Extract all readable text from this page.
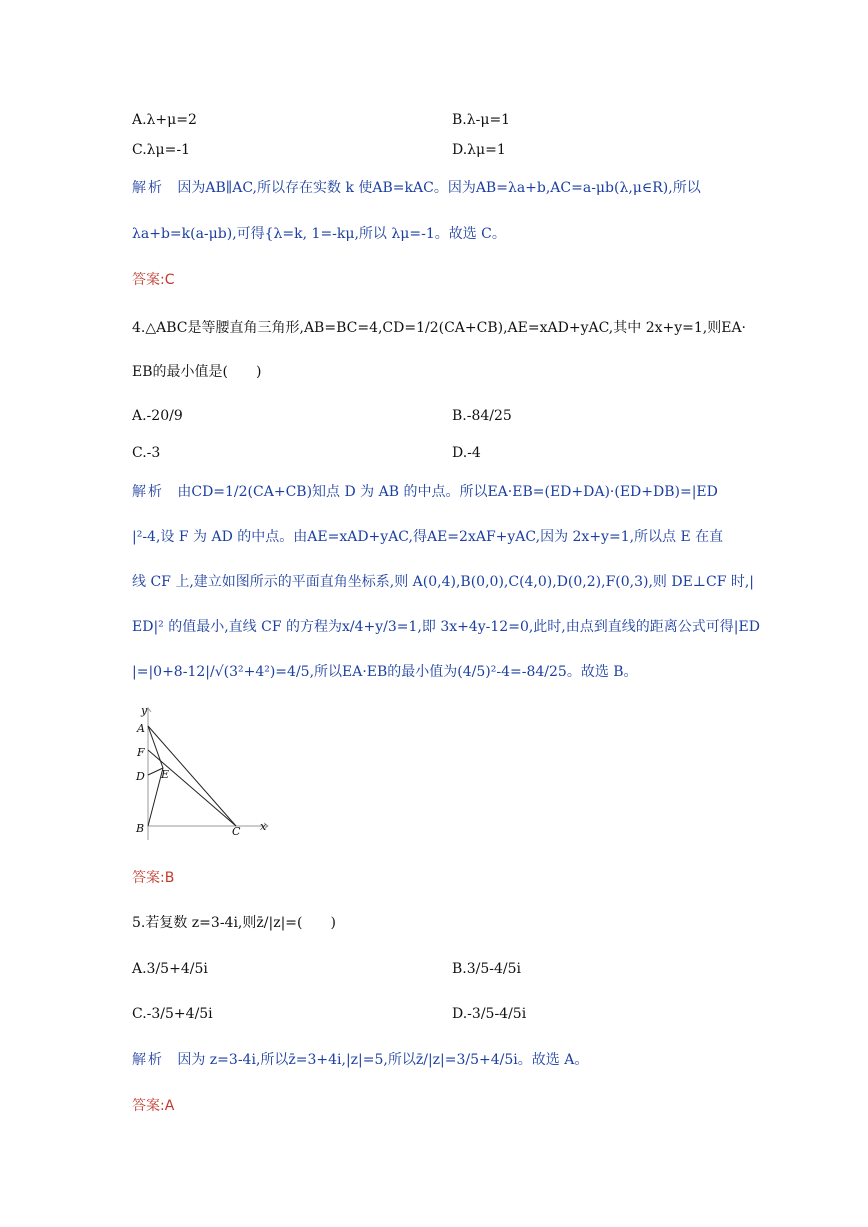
A.λ+μ=2	B.λ-μ=1
C.λμ=-1	D.λμ=1
解析 因为AB∥AC,所以存在实数 k 使AB=kAC。因为AB=λa+b,AC=a-μb(λ,μ∈R),所以
λa+b=k(a-μb),可得{λ=k, 1=-kμ,所以 λμ=-1。故选 C。
答案:C
4.△ABC是等腰直角三角形,AB=BC=4,CD=1/2(CA+CB),AE=xAD+yAC,其中 2x+y=1,则EA·
EB的最小值是(　　)
A.-20/9	B.-84/25
C.-3	D.-4
解析 由CD=1/2(CA+CB)知点 D 为 AB 的中点。所以EA·EB=(ED+DA)·(ED+DB)=|ED
|²-4,设 F 为 AD 的中点。由AE=xAD+yAC,得AE=2xAF+yAC,因为 2x+y=1,所以点 E 在直
线 CF 上,建立如图所示的平面直角坐标系,则 A(0,4),B(0,0),C(4,0),D(0,2),F(0,3),则 DE⊥CF 时,|
ED|² 的值最小,直线 CF 的方程为x/4+y/3=1,即 3x+4y-12=0,此时,由点到直线的距离公式可得|ED
|=|0+8-12|/√(3²+4²)=4/5,所以EA·EB的最小值为(4/5)²-4=-84/25。故选 B。
y
A
F
D E
B	C x
答案:B
5.若复数 z=3-4i,则z̄/|z|=(　　)
A.3/5+4/5i	B.3/5-4/5i
C.-3/5+4/5i	D.-3/5-4/5i
解析 因为 z=3-4i,所以z̄=3+4i,|z|=5,所以z̄/|z|=3/5+4/5i。故选 A。
答案:A
